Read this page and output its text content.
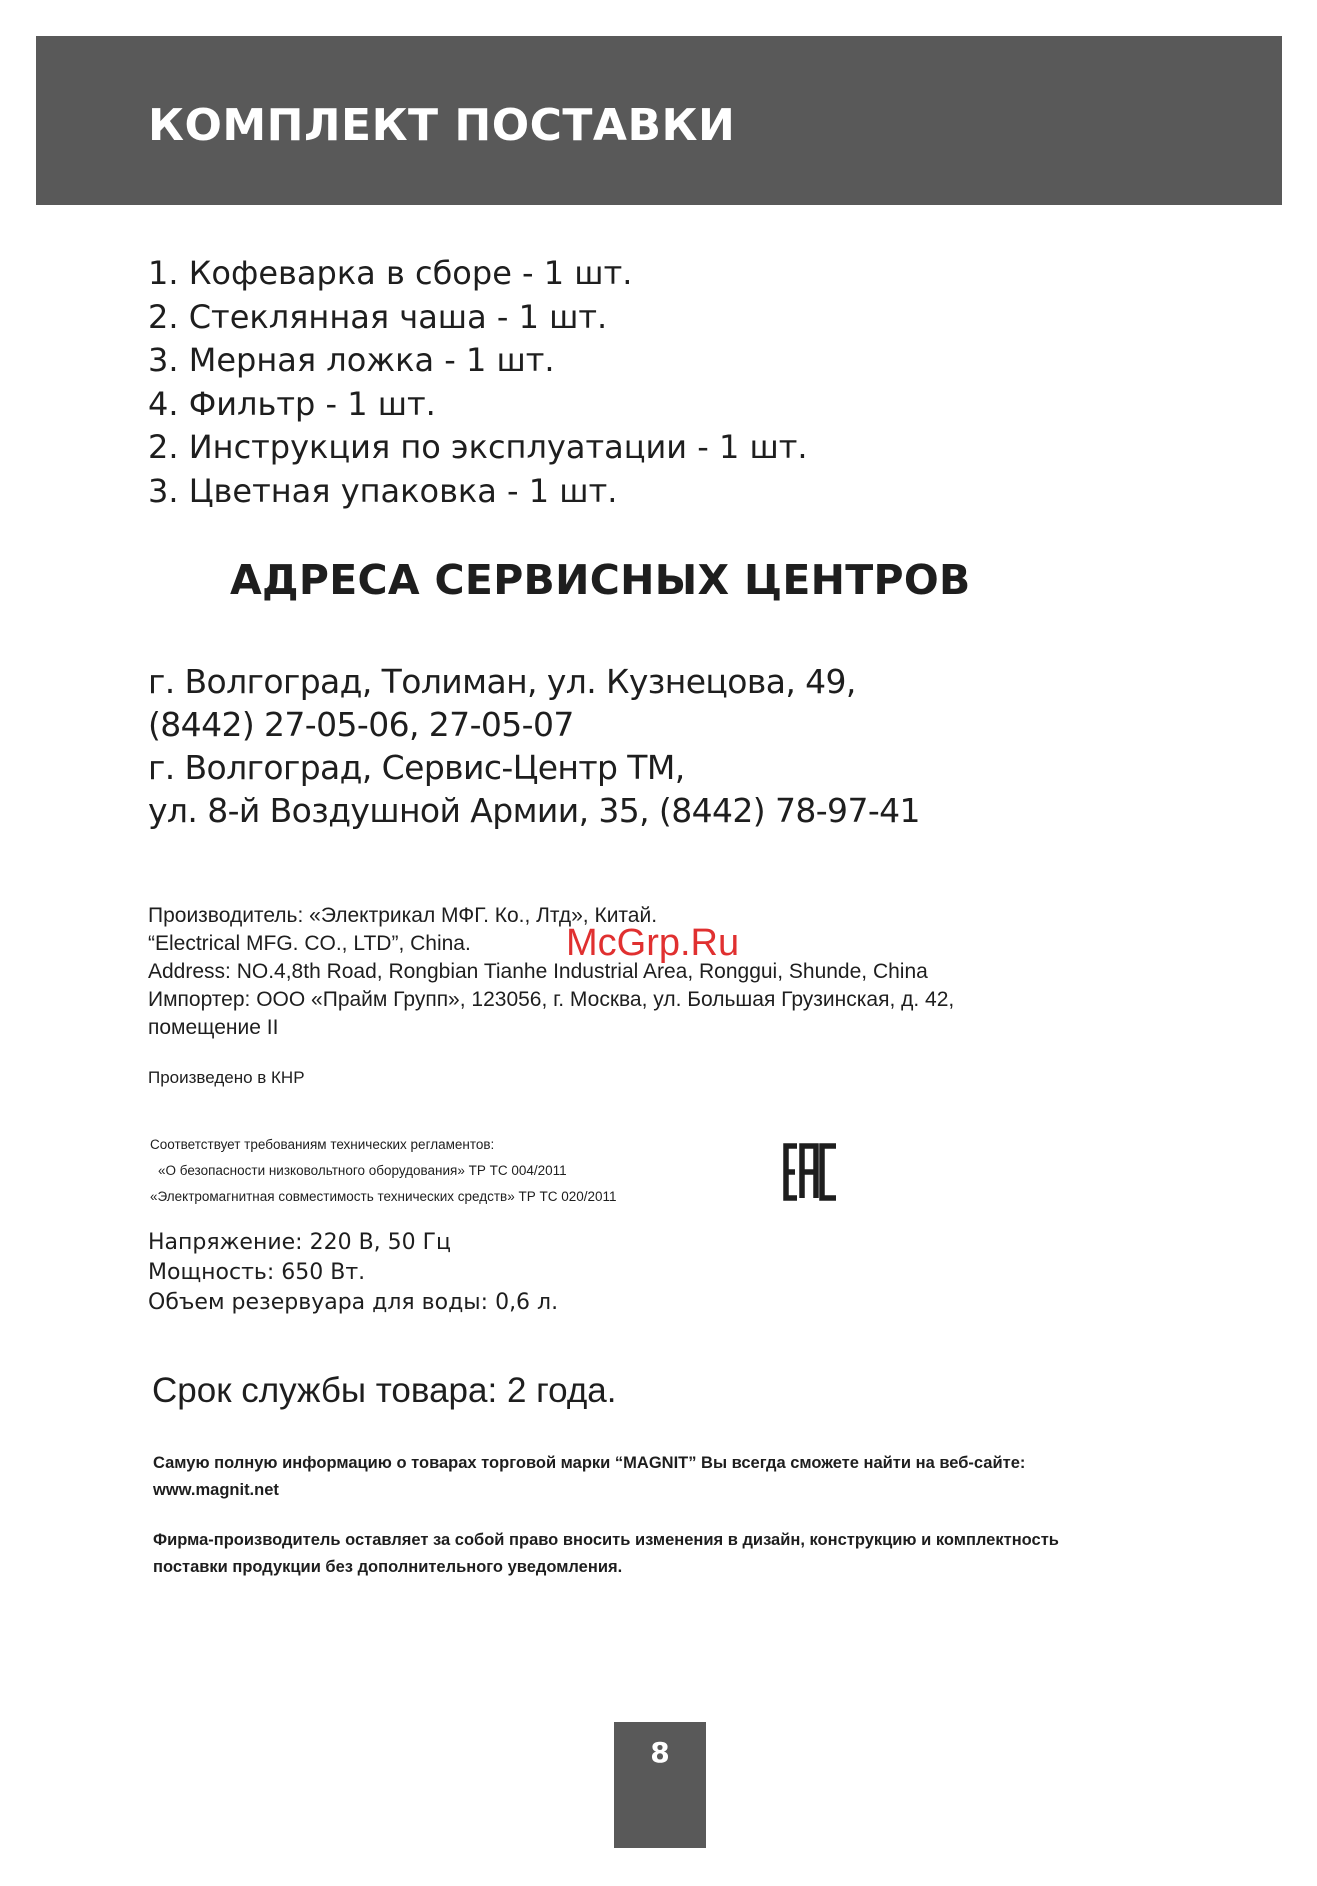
КОМПЛЕКТ ПОСТАВКИ
1. Кофеварка в сборе - 1 шт.
2. Стеклянная чаша - 1 шт.
3. Мерная ложка - 1 шт.
4. Фильтр - 1 шт.
2. Инструкция по эксплуатации - 1 шт.
3. Цветная упаковка - 1 шт.
АДРЕСА СЕРВИСНЫХ ЦЕНТРОВ
г. Волгоград, Толиман, ул. Кузнецова, 49,
(8442) 27-05-06, 27-05-07
г. Волгоград, Сервис-Центр ТМ,
ул. 8-й Воздушной Армии, 35, (8442) 78-97-41
Производитель: «Электрикал МФГ. Ко., Лтд», Китай.
“Electrical MFG. CO., LTD”, China.
Address: NO.4,8th Road, Rongbian Tianhe Industrial Area, Ronggui, Shunde, China
Импортер: ООО «Прайм Групп», 123056, г. Москва, ул. Большая Грузинская, д. 42,
помещение II
McGrp.Ru
Произведено в КНР
Соответствует требованиям технических регламентов:
«О безопасности низковольтного оборудования» ТР ТС 004/2011
«Электромагнитная совместимость технических средств» ТР ТС 020/2011
Напряжение: 220 В, 50 Гц
Мощность: 650 Вт.
Объем резервуара для воды: 0,6 л.
Срок службы товара: 2 года.
Самую полную информацию о товарах торговой марки “MAGNIT” Вы всегда сможете найти на веб-сайте:
www.magnit.net
Фирма-производитель оставляет за собой право вносить изменения в дизайн, конструкцию и комплектность
поставки продукции без дополнительного уведомления.
8
